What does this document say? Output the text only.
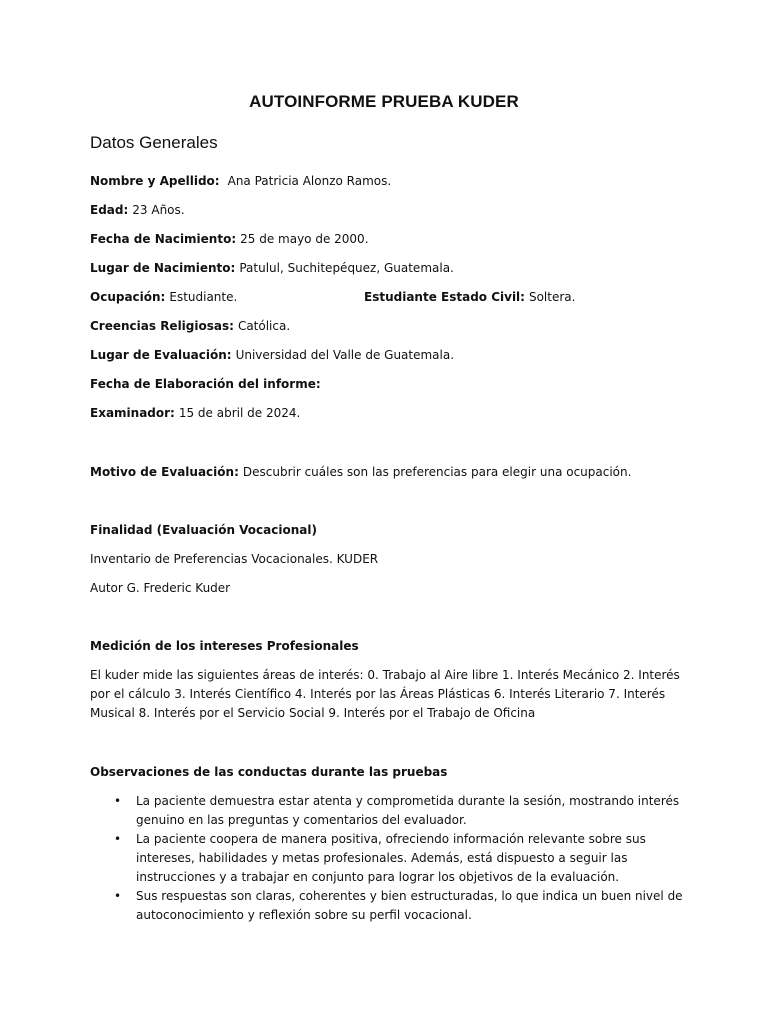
AUTOINFORME PRUEBA KUDER
Datos Generales
Nombre y Apellido: Ana Patricia Alonzo Ramos.
Edad: 23 Años.
Fecha de Nacimiento: 25 de mayo de 2000.
Lugar de Nacimiento: Patulul, Suchitepéquez, Guatemala.
Ocupación: Estudiante.	Estudiante Estado Civil: Soltera.
Creencias Religiosas: Católica.
Lugar de Evaluación: Universidad del Valle de Guatemala.
Fecha de Elaboración del informe:
Examinador: 15 de abril de 2024.
Motivo de Evaluación: Descubrir cuáles son las preferencias para elegir una ocupación.
Finalidad (Evaluación Vocacional)
Inventario de Preferencias Vocacionales. KUDER
Autor G. Frederic Kuder
Medición de los intereses Profesionales
El kuder mide las siguientes áreas de interés: 0. Trabajo al Aire libre 1. Interés Mecánico 2. Interés por el cálculo 3. Interés Científico 4. Interés por las Áreas Plásticas 6. Interés Literario 7. Interés Musical 8. Interés por el Servicio Social 9. Interés por el Trabajo de Oficina
Observaciones de las conductas durante las pruebas
• La paciente demuestra estar atenta y comprometida durante la sesión, mostrando interés genuino en las preguntas y comentarios del evaluador.
• La paciente coopera de manera positiva, ofreciendo información relevante sobre sus intereses, habilidades y metas profesionales. Además, está dispuesto a seguir las instrucciones y a trabajar en conjunto para lograr los objetivos de la evaluación.
• Sus respuestas son claras, coherentes y bien estructuradas, lo que indica un buen nivel de autoconocimiento y reflexión sobre su perfil vocacional.
